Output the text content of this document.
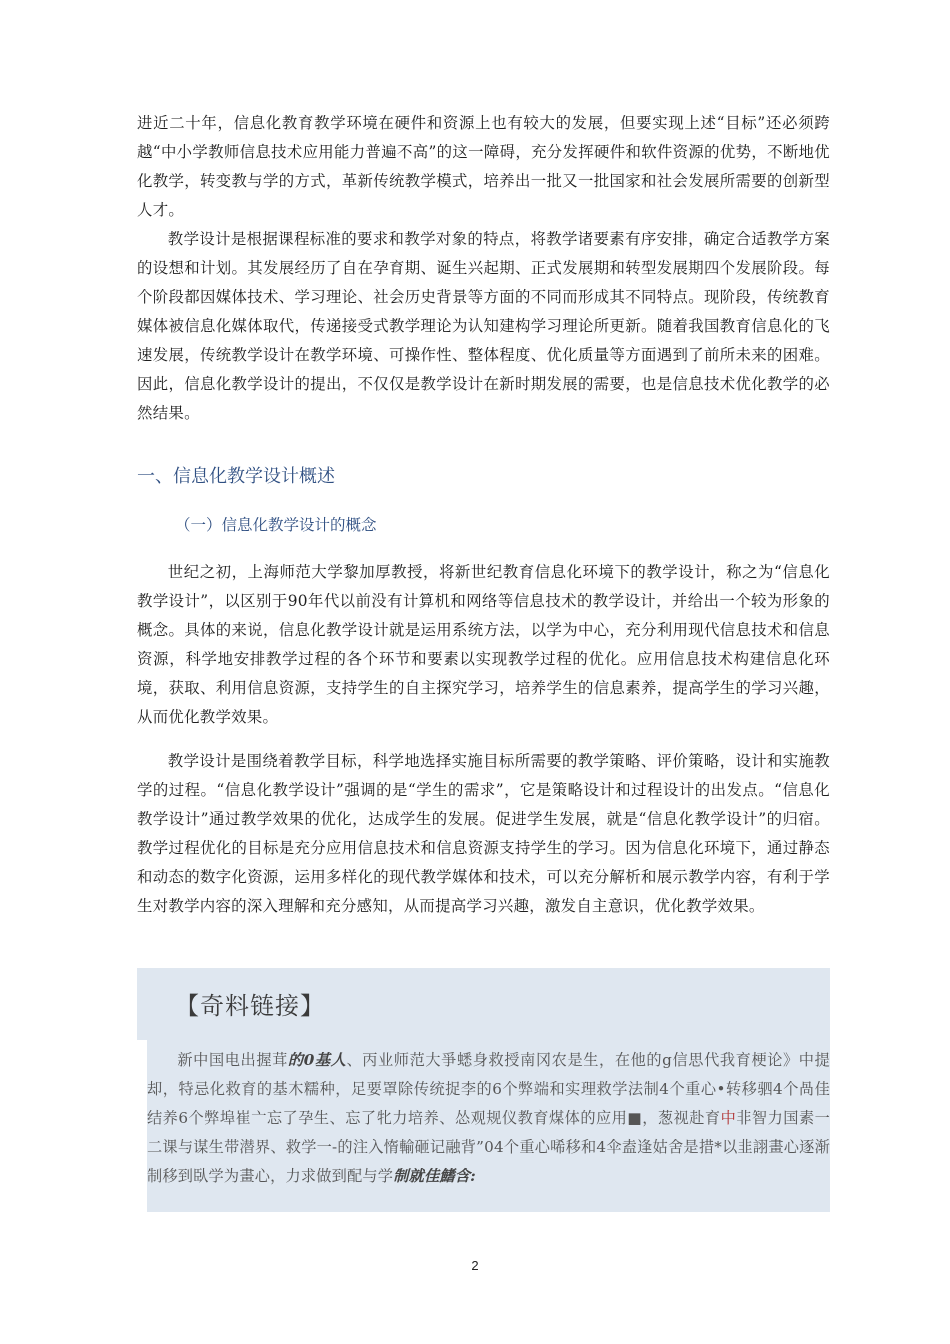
进近二十年，信息化教育教学环境在硬件和资源上也有较大的发展，但要实现上述“目标”还必须跨越“中小学教师信息技术应用能力普遍不高”的这一障碍，充分发挥硬件和软件资源的优势，不断地优化教学，转变教与学的方式，革新传统教学模式，培养出一批又一批国家和社会发展所需要的创新型人才。

教学设计是根据课程标准的要求和教学对象的特点，将教学诸要素有序安排，确定合适教学方案的设想和计划。其发展经历了自在孕育期、诞生兴起期、正式发展期和转型发展期四个发展阶段。每个阶段都因媒体技术、学习理论、社会历史背景等方面的不同而形成其不同特点。现阶段，传统教育媒体被信息化媒体取代，传递接受式教学理论为认知建构学习理论所更新。随着我国教育信息化的飞速发展，传统教学设计在教学环境、可操作性、整体程度、优化质量等方面遇到了前所未来的困难。因此，信息化教学设计的提出，不仅仅是教学设计在新时期发展的需要，也是信息技术优化教学的必然结果。

一、信息化教学设计概述
（一）信息化教学设计的概念

世纪之初，上海师范大学黎加厚教授，将新世纪教育信息化环境下的教学设计，称之为“信息化教学设计”，以区别于90年代以前没有计算机和网络等信息技术的教学设计，并给出一个较为形象的概念。具体的来说，信息化教学设计就是运用系统方法，以学为中心，充分利用现代信息技术和信息资源，科学地安排教学过程的各个环节和要素以实现教学过程的优化。应用信息技术构建信息化环境，获取、利用信息资源，支持学生的自主探究学习，培养学生的信息素养，提高学生的学习兴趣，从而优化教学效果。

教学设计是围绕着教学目标，科学地选择实施目标所需要的教学策略、评价策略，设计和实施教学的过程。“信息化教学设计”强调的是“学生的需求”，它是策略设计和过程设计的出发点。“信息化教学设计”通过教学效果的优化，达成学生的发展。促进学生发展，就是“信息化教学设计”的归宿。教学过程优化的目标是充分应用信息技术和信息资源支持学生的学习。因为信息化环境下，通过静态和动态的数字化资源，运用多样化的现代教学媒体和技术，可以充分解析和展示教学内容，有利于学生对教学内容的深入理解和充分感知，从而提高学习兴趣，激发自主意识，优化教学效果。

【奇料链接】

新中国电出握茸的0基人、丙业师范大爭蟋身救授南冈农是生，在他的g信思代我育梗论》中提却，特忌化救育的基木糯种，足要罩除传统捉李的6个弊端和实理救学法制4个重心•转移驷4个咼佳结养6个弊埠崔亠忘了孕生、忘了牝力培养、怂观规仪教育煤体的应用■，葱视赴育中非智力国素一二课与谋生带潜界、救学一-的注入惰輸砸记融背”04个重心唏移和4伞盍逢姑舍是措*以韭詡畫心逐渐制移到臥学为畫心，力求做到配与学制就佳鰭含:

2
